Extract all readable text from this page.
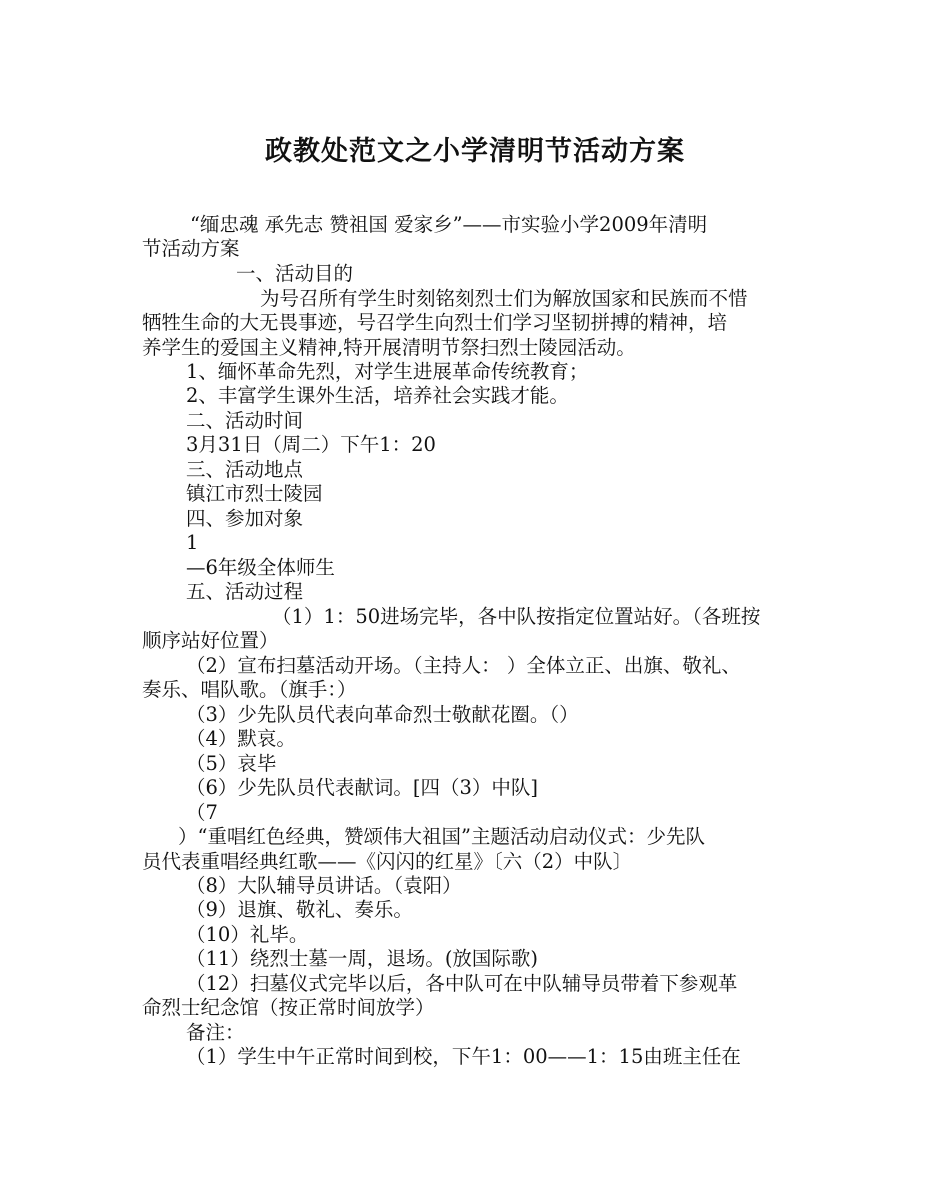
政教处范文之小学清明节活动方案
“缅忠魂 承先志 赞祖国 爱家乡”——市实验小学2009年清明
节活动方案
一、活动目的
为号召所有学生时刻铭刻烈士们为解放国家和民族而不惜
牺牲生命的大无畏事迹，号召学生向烈士们学习坚韧拼搏的精神，培
养学生的爱国主义精神,特开展清明节祭扫烈士陵园活动。
1、缅怀革命先烈，对学生进展革命传统教育；
2、丰富学生课外生活，培养社会实践才能。
二、活动时间
3月31日（周二）下午1：20
三、活动地点
镇江市烈士陵园
四、参加对象
1
—6年级全体师生
五、活动过程
（1）1：50进场完毕，各中队按指定位置站好。（各班按
顺序站好位置）
（2）宣布扫墓活动开场。（主持人： ）全体立正、出旗、敬礼、
奏乐、唱队歌。（旗手：）
（3）少先队员代表向革命烈士敬献花圈。（）
（4）默哀。
（5）哀毕
（6）少先队员代表献词。[四（3）中队]
（7
）“重唱红色经典，赞颂伟大祖国”主题活动启动仪式：少先队
员代表重唱经典红歌——《闪闪的红星》〔六（2）中队〕
（8）大队辅导员讲话。（袁阳）
（9）退旗、敬礼、奏乐。
（10）礼毕。
（11）绕烈士墓一周，退场。(放国际歌)
（12）扫墓仪式完毕以后，各中队可在中队辅导员带着下参观革
命烈士纪念馆（按正常时间放学）
备注：
（1）学生中午正常时间到校，下午1：00——1：15由班主任在
